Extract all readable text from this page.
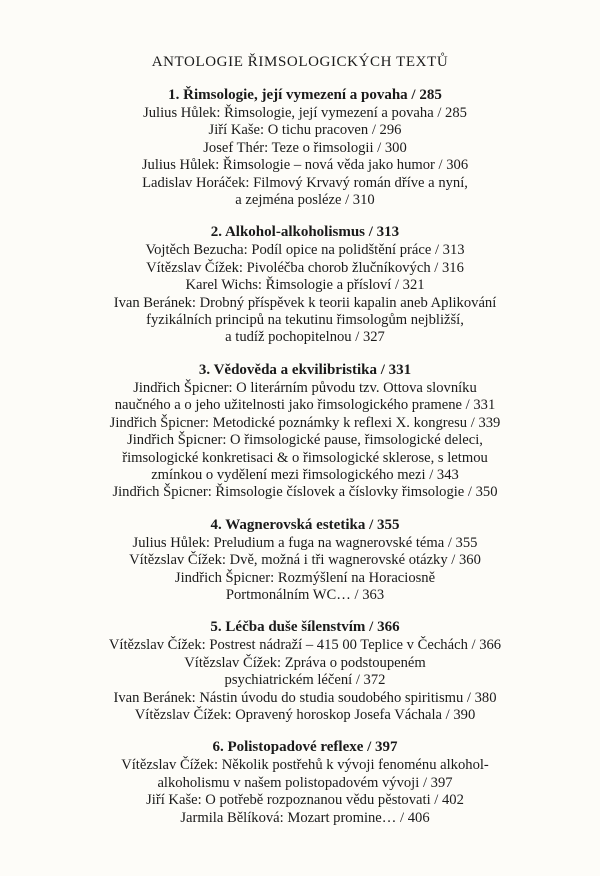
ANTOLOGIE ŘIMSOLOGICKÝCH TEXTŮ
1. Řimsologie, její vymezení a povaha / 285
Julius Hůlek: Řimsologie, její vymezení a povaha / 285
Jiří Kaše: O tichu pracoven / 296
Josef Thér: Teze o řimsologii / 300
Julius Hůlek: Řimsologie – nová věda jako humor / 306
Ladislav Horáček: Filmový Krvavý román dříve a nyní,
a zejména posléze / 310
2. Alkohol-alkoholismus / 313
Vojtěch Bezucha: Podíl opice na polidštění práce / 313
Vítězslav Čížek: Pivoléčba chorob žlučníkových / 316
Karel Wichs: Řimsologie a přísloví / 321
Ivan Beránek: Drobný příspěvek k teorii kapalin aneb Aplikování
fyzikálních principů na tekutinu řimsologům nejbližší,
a tudíž pochopitelnou / 327
3. Vědověda a ekvilibristika / 331
Jindřich Špicner: O literárním původu tzv. Ottova slovníku
naučného a o jeho užitelnosti jako řimsologického pramene / 331
Jindřich Špicner: Metodické poznámky k reflexi X. kongresu / 339
Jindřich Špicner: O řimsologické pause, řimsologické deleci,
řimsologické konkretisaci & o řimsologické sklerose, s letmou
zmínkou o vydělení mezi řimsologického mezi / 343
Jindřich Špicner: Řimsologie číslovek a číslovky řimsologie / 350
4. Wagnerovská estetika / 355
Julius Hůlek: Preludium a fuga na wagnerovské téma / 355
Vítězslav Čížek: Dvě, možná i tři wagnerovské otázky / 360
Jindřich Špicner: Rozmýšlení na Horaciosně
Portmonálním WC… / 363
5. Léčba duše šílenstvím / 366
Vítězslav Čížek: Postrest nádraží – 415 00 Teplice v Čechách / 366
Vítězslav Čížek: Zpráva o podstoupeném
psychiatrickém léčení / 372
Ivan Beránek: Nástin úvodu do studia soudobého spiritismu / 380
Vítězslav Čížek: Opravený horoskop Josefa Váchala / 390
6. Polistopadové reflexe / 397
Vítězslav Čížek: Několik postřehů k vývoji fenoménu alkohol-
alkoholismu v našem polistopadovém vývoji / 397
Jiří Kaše: O potřebě rozpoznanou vědu pěstovati / 402
Jarmila Bělíková: Mozart promine… / 406
